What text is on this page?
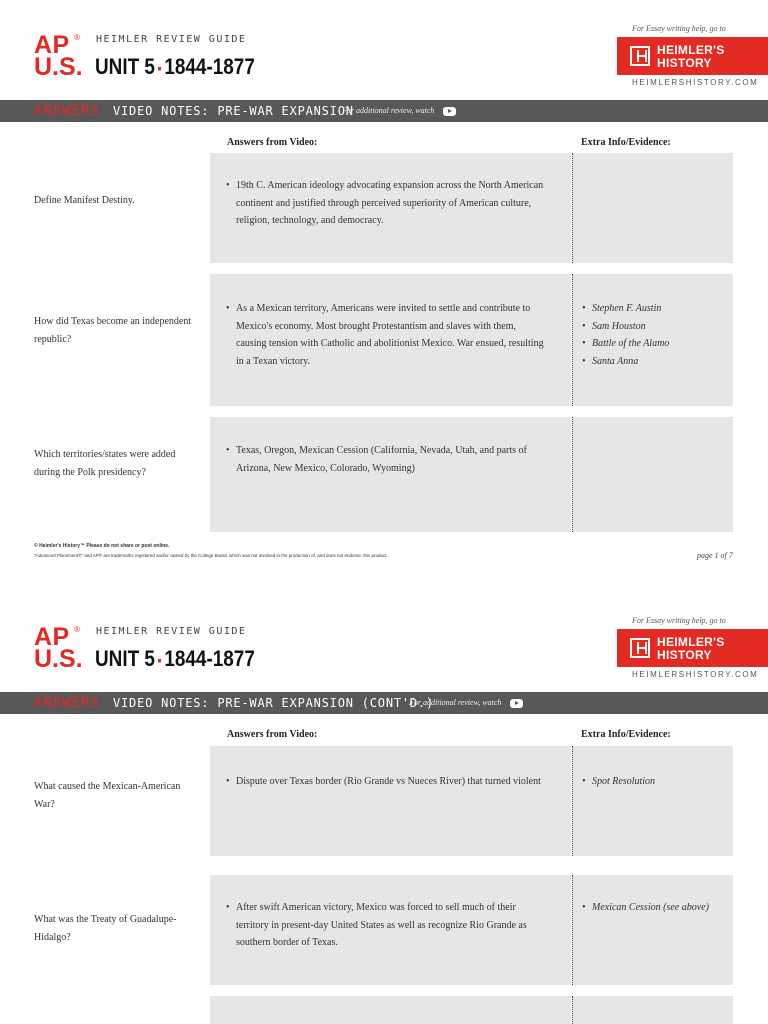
AP ®
U.S.
HEIMLER REVIEW GUIDE
UNIT 5 ▪ 1844-1877
For Essay writing help, go to
HEIMLER'S
HISTORY
HEIMLERSHISTORY.COM
ANSWERS VIDEO NOTES: PRE-WAR EXPANSION
For additional review, watch
Answers from Video:	Extra Info/Evidence:
Define Manifest Destiny.
• 19th C. American ideology advocating expansion across the North American continent and justified through perceived superiority of American culture, religion, technology, and democracy.
How did Texas become an independent republic?
• As a Mexican territory, Americans were invited to settle and contribute to Mexico's economy. Most brought Protestantism and slaves with them, causing tension with Catholic and abolitionist Mexico. War ensued, resulting in a Texan victory.
• Stephen F. Austin
• Sam Houston
• Battle of the Alamo
• Santa Anna
Which territories/states were added during the Polk presidency?
• Texas, Oregon, Mexican Cession (California, Nevada, Utah, and parts of Arizona, New Mexico, Colorado, Wyoming)
© Heimler's History™ Please do not share or post online.
"Advanced Placement®" and AP® are trademarks registered and/or owned by the College Board, which was not involved in the production of, and does not endorse, this product.	page 1 of 7
AP ®
U.S.
HEIMLER REVIEW GUIDE
UNIT 5 ▪ 1844-1877
For Essay writing help, go to
HEIMLER'S
HISTORY
HEIMLERSHISTORY.COM
ANSWERS VIDEO NOTES: PRE-WAR EXPANSION (CONT'D.)
For additional review, watch
Answers from Video:	Extra Info/Evidence:
What caused the Mexican-American War?
• Dispute over Texas border (Rio Grande vs Nueces River) that turned violent
•	Spot Resolution
What was the Treaty of Guadalupe-Hidalgo?
• After swift American victory, Mexico was forced to sell much of their territory in present-day United States as well as recognize Rio Grande as southern border of Texas.
• Mexican Cession (see above)
